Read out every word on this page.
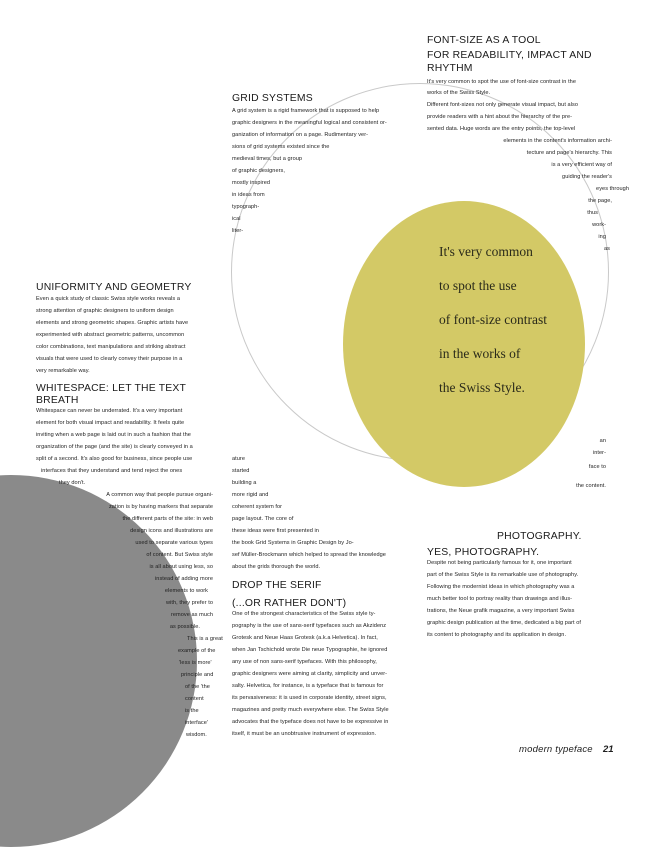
It's very common
to spot the use
of font-size contrast
in the works of
the Swiss Style.
FONT-SIZE AS A TOOL
FOR READABILITY, IMPACT AND
RHYTHM
It's very common to spot the use of font-size contrast in the
works of the Swiss Style.
Different font-sizes not only generate visual impact, but also
provide readers with a hint about the hierarchy of the pre-
sented data. Huge words are the entry points, the top-level
elements in the content's information archi-
tecture and page's hierarchy. This
is a very efficient way of
guiding the reader's
eyes through
the page,
thus
work-
ing
as
an
inter-
face to
the content.
GRID SYSTEMS
A grid system is a rigid framework that is supposed to help
graphic designers in the meaningful logical and consistent or-
ganization of information on a page. Rudimentary ver-
sions of grid systems existed since the
medieval times, but a group
of graphic designers,
mostly inspired
in ideas from
typograph-
ical
liter-
ature
started
building a
more rigid and
coherent system for
page layout. The core of
these ideas were first presented in
the book Grid Systems in Graphic Design by Jo-
sef Müller-Brockmann which helped to spread the knowledge
about the grids thorough the world.
UNIFORMITY AND GEOMETRY
Even a quick study of classic Swiss style works reveals a
strong attention of graphic designers to uniform design
elements and strong geometric shapes. Graphic artists have
experimented with abstract geometric patterns, uncommon
color combinations, text manipulations and striking abstract
visuals that were used to clearly convey their purpose in a
very remarkable way.
WHITESPACE: LET THE TEXT
BREATH
Whitespace can never be underrated. It's a very important
element for both visual impact and readability. It feels quite
inviting when a web page is laid out in such a fashion that the
organization of the page (and the site) is clearly conveyed in a
split of a second. It's also good for business, since people use
interfaces that they understand and tend reject the ones
they don't.
A common way that people pursue organi-
zation is by having markers that separate
the different parts of the site: in web
design icons and illustrations are
used to separate various types
of content. But Swiss style
is all about using less, so
instead of adding more
elements to work
with, they prefer to
remove as much
as possible.
This is a great
example of the
'less is more'
principle and
of the 'the
content
is the
interface'
wisdom.
DROP THE SERIF
(...OR RATHER DON'T)
One of the strongest characteristics of the Swiss style ty-
pography is the use of sans-serif typefaces such as Akzidenz
Grotesk and Neue Haas Grotesk (a.k.a Helvetica). In fact,
when Jan Tschichold wrote Die neue Typographie, he ignored
any use of non sans-serif typefaces. With this philosophy,
graphic designers were aiming at clarity, simplicity and unver-
salty. Helvetica, for instance, is a typeface that is famous for
its pervasiveness: it is used in corporate identity, street signs,
magazines and pretty much everywhere else. The Swiss Style
advocates that the typeface does not have to be expressive in
itself, it must be an unobtrusive instrument of expression.
PHOTOGRAPHY.
YES, PHOTOGRAPHY.
Despite not being particularly famous for it, one important
part of the Swiss Style is its remarkable use of photography.
Following the modernist ideas in which photography was a
much better tool to portray reality than drawings and illus-
trations, the Neue grafik magazine, a very important Swiss
graphic design publication at the time, dedicated a big part of
its content to photography and its application in design.
modern typeface 21
